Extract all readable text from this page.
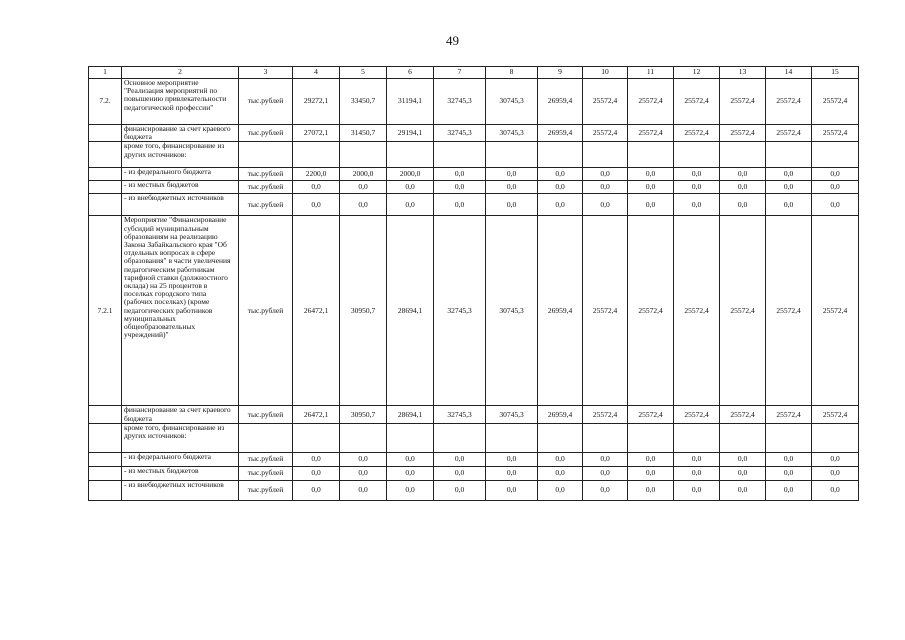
49
1	2	3	4	5	6	7	8	9	10	11	12	13	14	15
7.2.	Основное мероприятие "Реализация мероприятий по повышению привлекательности педагогической профессии"	тыс.рублей	29272,1	33450,7	31194,1	32745,3	30745,3	26959,4	25572,4	25572,4	25572,4	25572,4	25572,4	25572,4
	финансирование за счет краевого бюджета	тыс.рублей	27072,1	31450,7	29194,1	32745,3	30745,3	26959,4	25572,4	25572,4	25572,4	25572,4	25572,4	25572,4
	кроме того, финансирование из других источников:													
	- из федерального бюджета	тыс.рублей	2200,0	2000,0	2000,0	0,0	0,0	0,0	0,0	0,0	0,0	0,0	0,0	0,0
	- из местных бюджетов	тыс.рублей	0,0	0,0	0,0	0,0	0,0	0,0	0,0	0,0	0,0	0,0	0,0	0,0
	- из внебюджетных источников	тыс.рублей	0,0	0,0	0,0	0,0	0,0	0,0	0,0	0,0	0,0	0,0	0,0	0,0
7.2.1	Мероприятие "Финансирование субсидий муниципальным образованиям на реализацию Закона Забайкальского края "Об отдельных вопросах в сфере образования" в части увеличения педагогическим работникам тарифной ставки (должностного оклада) на 25 процентов в поселках городского типа (рабочих поселках) (кроме педагогических работников муниципальных общеобразовательных учреждений)"	тыс.рублей	26472,1	30950,7	28694,1	32745,3	30745,3	26959,4	25572,4	25572,4	25572,4	25572,4	25572,4	25572,4
	финансирование за счет краевого бюджета	тыс.рублей	26472,1	30950,7	28694,1	32745,3	30745,3	26959,4	25572,4	25572,4	25572,4	25572,4	25572,4	25572,4
	кроме того, финансирование из других источников:													
	- из федерального бюджета	тыс.рублей	0,0	0,0	0,0	0,0	0,0	0,0	0,0	0,0	0,0	0,0	0,0	0,0
	- из местных бюджетов	тыс.рублей	0,0	0,0	0,0	0,0	0,0	0,0	0,0	0,0	0,0	0,0	0,0	0,0
	- из внебюджетных источников	тыс.рублей	0,0	0,0	0,0	0,0	0,0	0,0	0,0	0,0	0,0	0,0	0,0	0,0
